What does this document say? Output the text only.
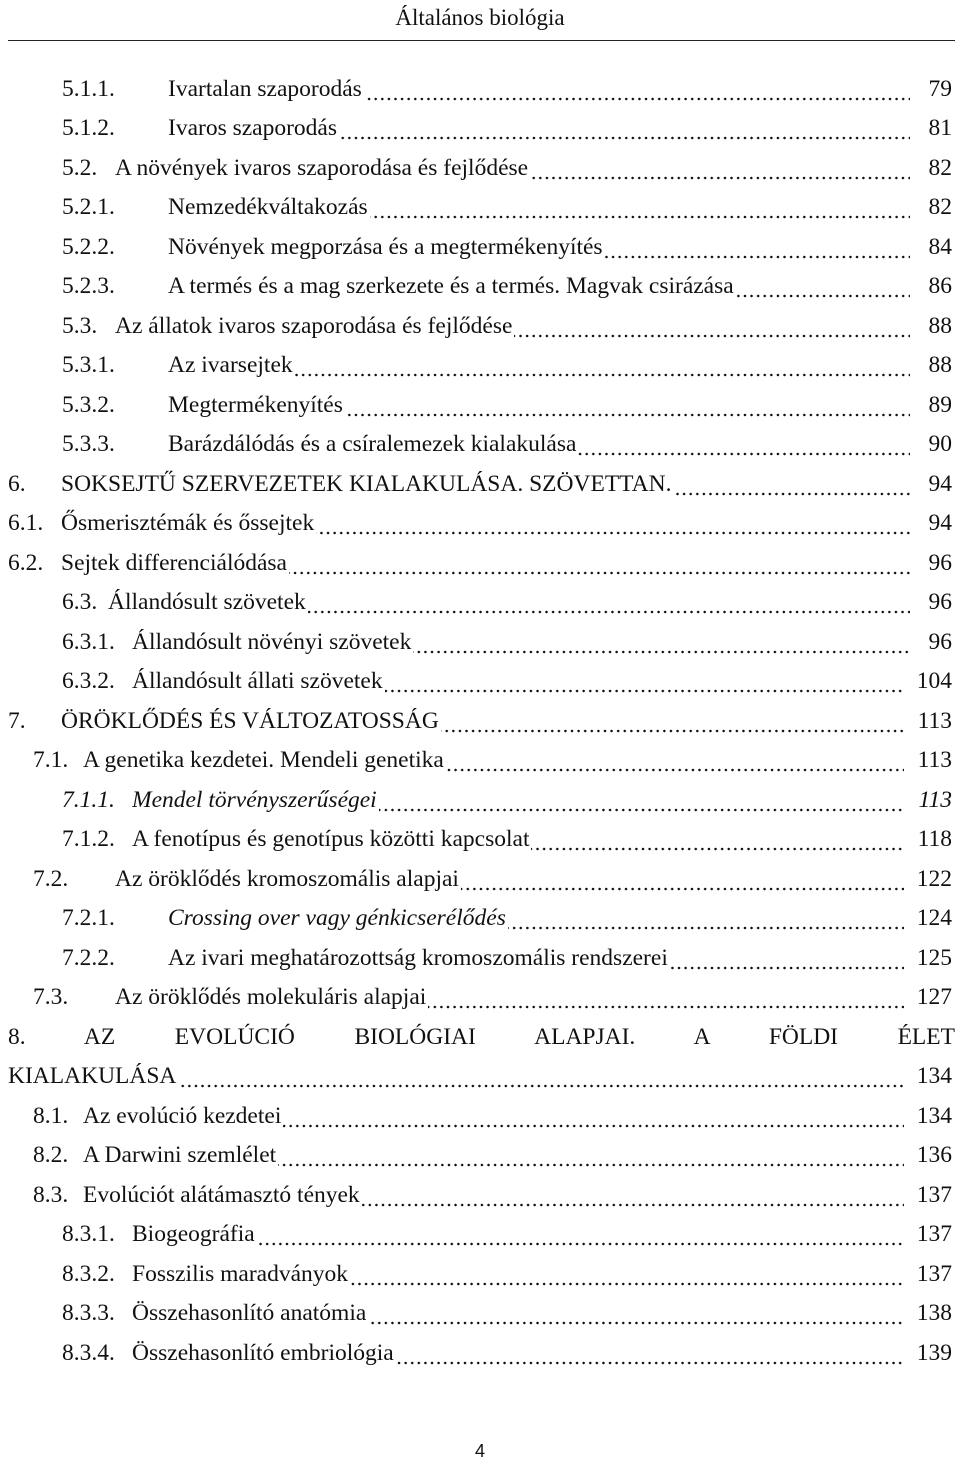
Általános biológia
5.1.1. Ivartalan szaporodás	79
5.1.2. Ivaros szaporodás	81
5.2. A növények ivaros szaporodása és fejlődése	82
5.2.1. Nemzedékváltakozás	82
5.2.2. Növények megporzása és a megtermékenyítés	84
5.2.3. A termés és a mag szerkezete és a termés. Magvak csirázása	86
5.3. Az állatok ivaros szaporodása és fejlődése	88
5.3.1. Az ivarsejtek	88
5.3.2. Megtermékenyítés	89
5.3.3. Barázdálódás és a csíralemezek kialakulása	90
6. SOKSEJTŰ SZERVEZETEK KIALAKULÁSA. SZÖVETTAN.	94
6.1. Ősmerisztémák és őssejtek	94
6.2. Sejtek differenciálódása	96
6.3. Állandósult szövetek	96
6.3.1. Állandósult növényi szövetek	96
6.3.2. Állandósult állati szövetek	104
7. ÖRÖKLŐDÉS ÉS VÁLTOZATOSSÁG	113
7.1. A genetika kezdetei. Mendeli genetika	113
7.1.1. Mendel törvényszerűségei	113
7.1.2. A fenotípus és genotípus közötti kapcsolat	118
7.2. Az öröklődés kromoszomális alapjai	122
7.2.1. Crossing over vagy génkicserélődés	124
7.2.2. Az ivari meghatározottság kromoszomális rendszerei	125
7.3. Az öröklődés molekuláris alapjai	127
8. AZ EVOLÚCIÓ BIOLÓGIAI ALAPJAI. A FÖLDI ÉLET
KIALAKULÁSA	134
8.1. Az evolúció kezdetei	134
8.2. A Darwini szemlélet	136
8.3. Evolúciót alátámasztó tények	137
8.3.1. Biogeográfia	137
8.3.2. Fosszilis maradványok	137
8.3.3. Összehasonlító anatómia	138
8.3.4. Összehasonlító embriológia	139
4
